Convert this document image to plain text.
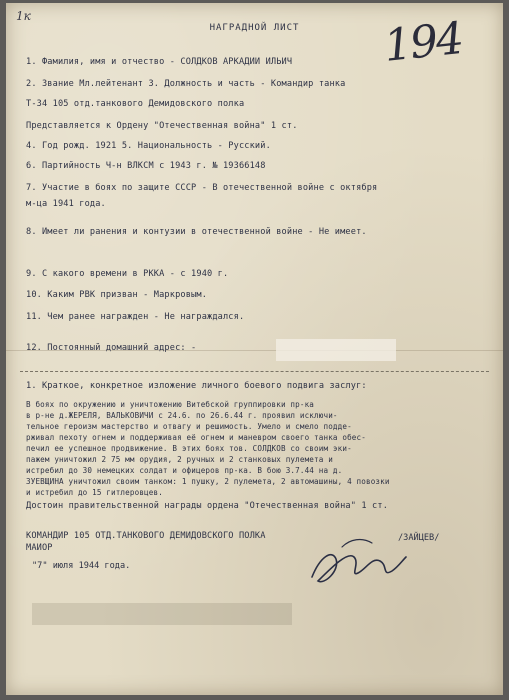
1к
НАГРАДНОЙ ЛИСТ	194
1. Фамилия, имя и отчество - СОЛДКОВ АРКАДИЙ ИЛЬИЧ
2. Звание Мл.лейтенант 3. Должность и часть - Командир танка
Т-34 105 отд.танкового Демидовского полка
Представляется к Ордену "Отечественная война" 1 ст.
4. Год рожд. 1921 5. Национальность - Русский.
6. Партийность Ч-н ВЛКСМ с 1943 г. № 19366148
7. Участие в боях по защите СССР - В отечественной войне с октября
м-ца 1941 года.
8. Имеет ли ранения и контузии в отечественной войне - Не имеет.
9. С какого времени в РККА - с 1940 г.
10. Каким РВК призван - Маркровым.
11. Чем ранее награжден - Не награждался.
12. Постоянный домашний адрес: -
1. Краткое, конкретное изложение личного боевого подвига заслуг:
В боях по окружению и уничтожению Витебской группировки пр-ка
в р-не д.ЖЕРЕЛЯ, ВАЛЬКОВИЧИ с 24.6. по 26.6.44 г. проявил исключи-
тельное героизм мастерство и отвагу и решимость. Умело и смело подде-
рживал пехоту огнем и поддерживая её огнем и маневром своего танка обес-
печил ее успешное продвижение. В этих боях тов. СОЛДКОВ со своим эки-
пажем уничтожил 2 75 мм орудия, 2 ручных и 2 станковых пулемета и
истребил до 30 немецких солдат и офицеров пр-ка. В бою 3.7.44 на д.
ЗУЕВЩИНА уничтожил своим танком: 1 пушку, 2 пулемета, 2 автомашины, 4 повозки
и истребил до 15 гитлеровцев.
Достоин правительственной награды ордена "Отечественная война" 1 ст.
КОМАНДИР 105 ОТД.ТАНКОВОГО ДЕМИДОВСКОГО ПОЛКА
МАЙОР
"7" июля 1944 года.
/ЗАЙЦЕВ/
